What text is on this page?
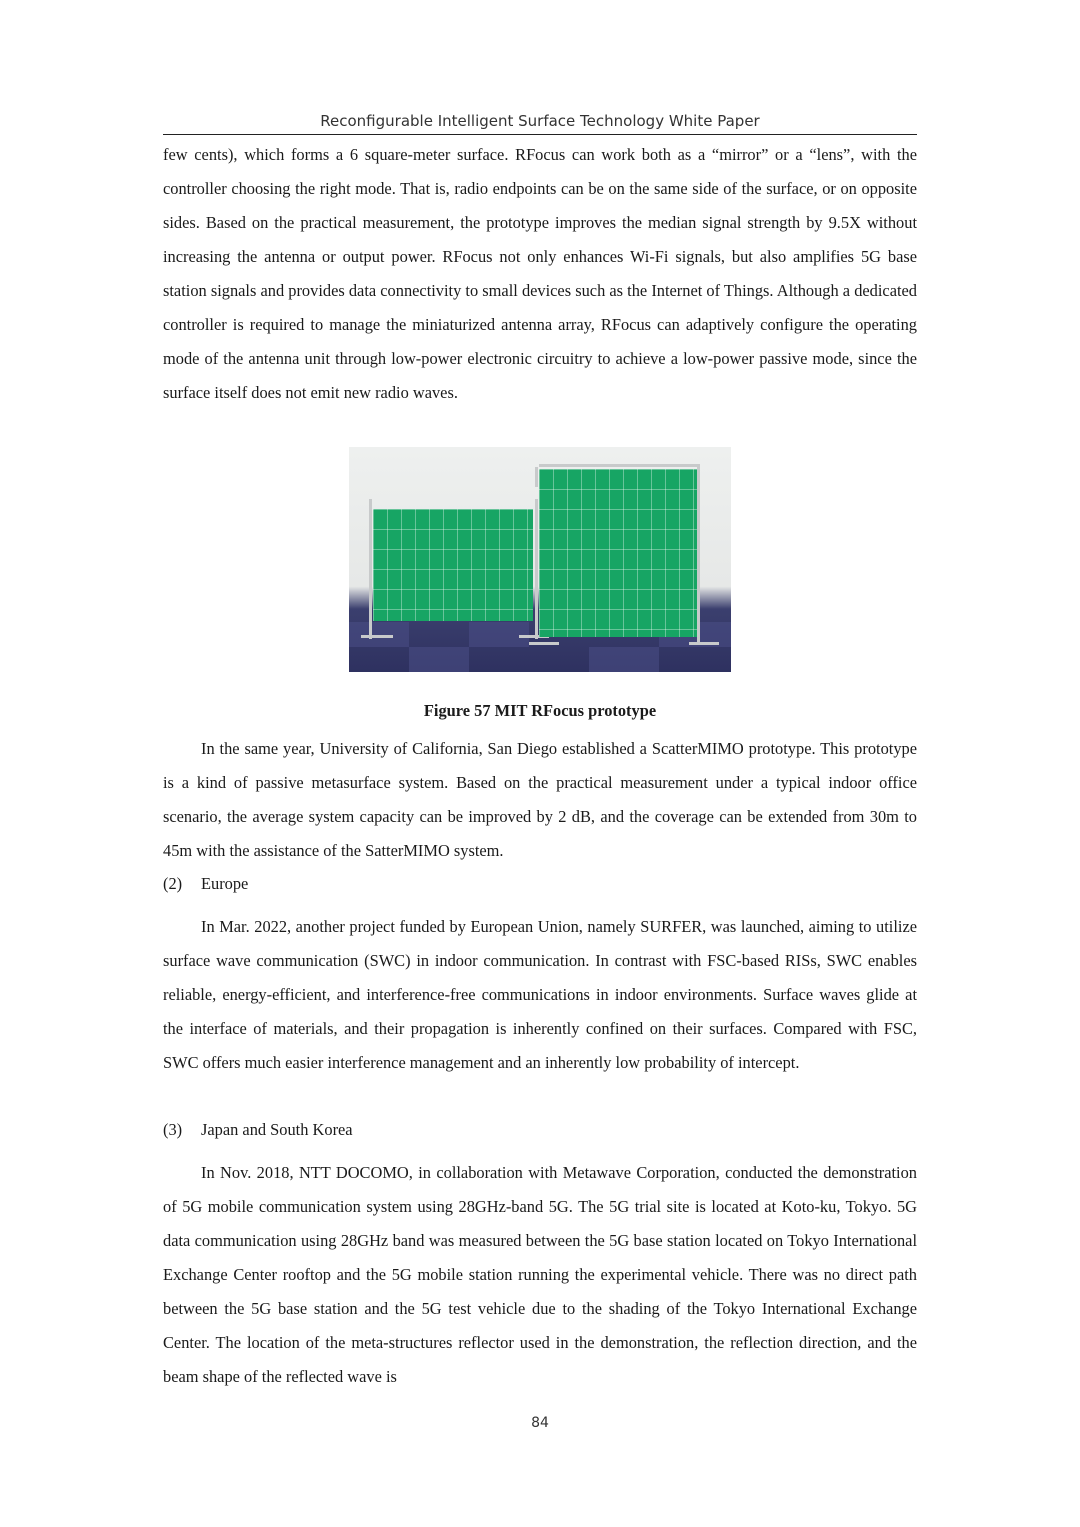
Reconfigurable Intelligent Surface Technology White Paper

few cents), which forms a 6 square-meter surface. RFocus can work both as a “mirror” or a “lens”, with the controller choosing the right mode. That is, radio endpoints can be on the same side of the surface, or on opposite sides. Based on the practical measurement, the prototype improves the median signal strength by 9.5X without increasing the antenna or output power. RFocus not only enhances Wi-Fi signals, but also amplifies 5G base station signals and provides data connectivity to small devices such as the Internet of Things. Although a dedicated controller is required to manage the miniaturized antenna array, RFocus can adaptively configure the operating mode of the antenna unit through low-power electronic circuitry to achieve a low-power passive mode, since the surface itself does not emit new radio waves.

Figure 57 MIT RFocus prototype

In the same year, University of California, San Diego established a ScatterMIMO prototype. This prototype is a kind of passive metasurface system. Based on the practical measurement under a typical indoor office scenario, the average system capacity can be improved by 2 dB, and the coverage can be extended from 30m to 45m with the assistance of the SatterMIMO system.

(2) Europe

In Mar. 2022, another project funded by European Union, namely SURFER, was launched, aiming to utilize surface wave communication (SWC) in indoor communication. In contrast with FSC-based RISs, SWC enables reliable, energy-efficient, and interference-free communications in indoor environments. Surface waves glide at the interface of materials, and their propagation is inherently confined on their surfaces. Compared with FSC, SWC offers much easier interference management and an inherently low probability of intercept.

(3) Japan and South Korea

In Nov. 2018, NTT DOCOMO, in collaboration with Metawave Corporation, conducted the demonstration of 5G mobile communication system using 28GHz-band 5G. The 5G trial site is located at Koto-ku, Tokyo. 5G data communication using 28GHz band was measured between the 5G base station located on Tokyo International Exchange Center rooftop and the 5G mobile station running the experimental vehicle. There was no direct path between the 5G base station and the 5G test vehicle due to the shading of the Tokyo International Exchange Center. The location of the meta-structures reflector used in the demonstration, the reflection direction, and the beam shape of the reflected wave is

84
